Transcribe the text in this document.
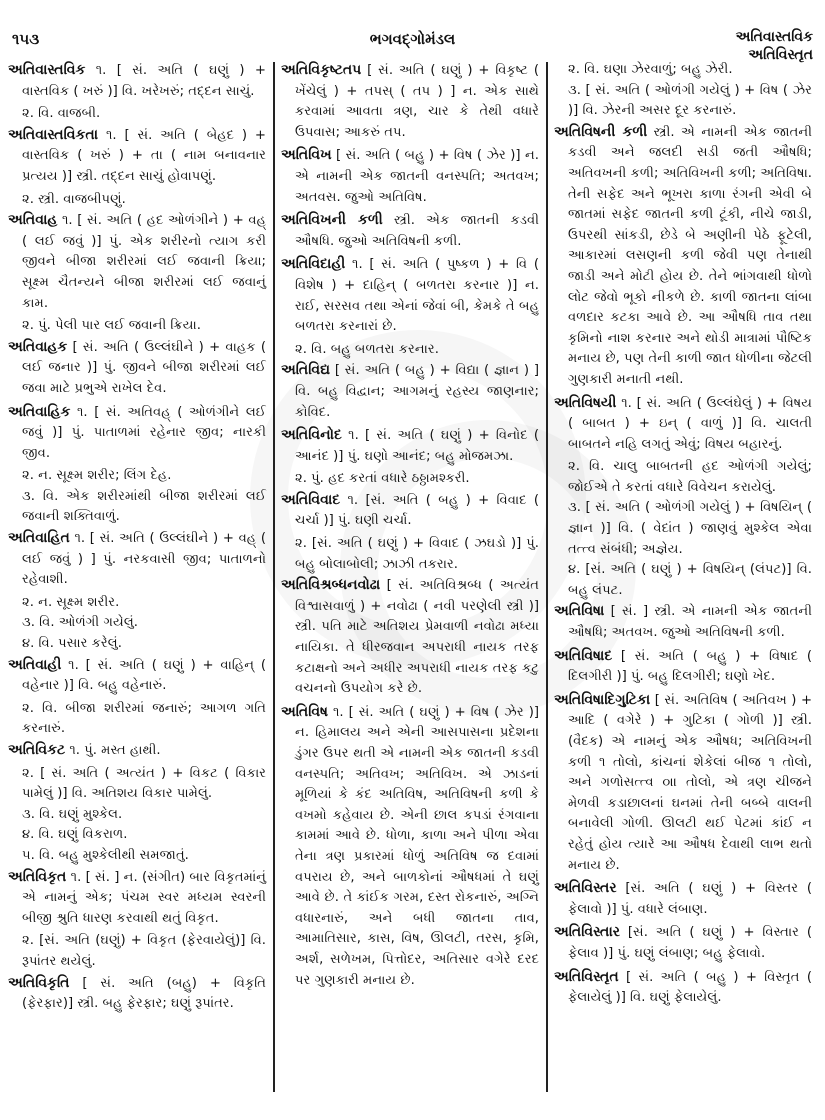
૧૫૩	ભગવદ્ગોમંડલ	અતિવાસ્તવિક
અતિવિસ્તૃત

અતિવાસ્તવિક ૧. [ સં. અતિ ( ઘણું ) + વાસ્તવિક ( ખરું )] વિ. ખરેખરું; તદ્દન સાચું.

૨. વિ. વાજબી.

અતિવાસ્તવિકતા ૧. [ સં. અતિ ( બેહદ ) + વાસ્તવિક ( ખરું ) + તા ( નામ બનાવનાર પ્રત્યય )] સ્ત્રી. તદ્દન સાચું હોવાપણું.

૨. સ્ત્રી. વાજબીપણું.

અતિવાહ ૧. [ સં. અતિ ( હદ ઓળંગીને ) + વહ્ ( લઈ જવું )] પું. એક શરીરનો ત્યાગ કરી જીવને બીજા શરીરમાં લઈ જવાની ક્રિયા; સૂક્ષ્મ ચૈતન્યને બીજા શરીરમાં લઈ જવાનું કામ.

૨. પું. પેલી પાર લઈ જવાની ક્રિયા.

અતિવાહક [ સં. અતિ ( ઉલ્લંઘીને ) + વાહક ( લઈ જનાર )] પું. જીવને બીજા શરીરમાં લઈ જવા માટે પ્રભુએ રાખેલ દેવ.

અતિવાહિક ૧. [ સં. અતિવહ્ ( ઓળંગીને લઈ જવું )] પું. પાતાળમાં રહેનાર જીવ; નારકી જીવ.

૨. ન. સૂક્ષ્મ શરીર; લિંગ દેહ.

૩. વિ. એક શરીરમાંથી બીજા શરીરમાં લઈ જવાની શક્તિવાળું.

અતિવાહિત ૧. [ સં. અતિ ( ઉલ્લંઘીને ) + વહ્ ( લઈ જવું ) ] પું. નરકવાસી જીવ; પાતાળનો રહેવાશી.

૨. ન. સૂક્ષ્મ શરીર.

૩. વિ. ઓળંગી ગયેલું.

૪. વિ. પસાર કરેલું.

અતિવાહી ૧. [ સં. અતિ ( ઘણું ) + વાહિન્ ( વહેનાર )] વિ. બહુ વહેનારું.

૨. વિ. બીજા શરીરમાં જનારું; આગળ ગતિ કરનારું.

અતિવિકટ ૧. પું. મસ્ત હાથી.

૨. [ સં. અતિ ( અત્યંત ) + વિકટ ( વિકાર પામેલું )] વિ. અતિશય વિકાર પામેલું.

૩. વિ. ઘણું મુશ્કેલ.

૪. વિ. ઘણું વિકરાળ.

૫. વિ. બહુ મુશ્કેલીથી સમજાતું.

અતિવિકૃત ૧. [ સં. ] ન. (સંગીત) બાર વિકૃતમાંનું એ નામનું એક; પંચમ સ્વર મધ્યમ સ્વરની બીજી શ્રુતિ ધારણ કરવાથી થતું વિકૃત.

૨. [સં. અતિ (ઘણું) + વિકૃત (ફેરવાયેલું)] વિ. રૂપાંતર થયેલું.

અતિવિકૃતિ [ સં. અતિ (બહુ) + વિકૃતિ (ફેરફાર)] સ્ત્રી. બહુ ફેરફાર; ઘણું રૂપાંતર.

અતિવિકૃષ્ટતપ [ સં. અતિ ( ઘણું ) + વિકૃષ્ટ ( ખેંચેલું ) + તપસ્ ( તપ ) ] ન. એક સાથે કરવામાં આવતા ત્રણ, ચાર કે તેથી વધારે ઉપવાસ; આકરું તપ.

અતિવિખ [ સં. અતિ ( બહુ ) + વિષ ( ઝેર )] ન. એ નામની એક જાતની વનસ્પતિ; અતવખ; અતવસ. જુઓ અતિવિષ.

અતિવિખની કળી સ્ત્રી. એક જાતની કડવી ઔષધિ. જુઓ અતિવિષની કળી.

અતિવિદાહી ૧. [ સં. અતિ ( પુષ્કળ ) + વિ ( વિશેષ ) + દાહિન્ ( બળતરા કરનાર )] ન. રાઈ, સરસવ તથા એનાં જેવાં બી, કેમકે તે બહુ બળતરા કરનારાં છે.

૨. વિ. બહુ બળતરા કરનાર.

અતિવિદ્ય [ સં. અતિ ( બહુ ) + વિદ્યા ( જ્ઞાન ) ] વિ. બહુ વિદ્વાન; આગમનું રહસ્ય જાણનાર; કોવિદ.

અતિવિનોદ ૧. [ સં. અતિ ( ઘણું ) + વિનોદ ( આનંદ )] પું. ઘણો આનંદ; બહુ મોજમઝા.

૨. પું. હદ કરતાં વધારે ઠઠ્ઠામશ્કરી.

અતિવિવાદ ૧. [સં. અતિ ( બહુ ) + વિવાદ ( ચર્ચા )] પું. ઘણી ચર્ચા.

૨. [સં. અતિ ( ઘણું ) + વિવાદ ( ઝઘડો )] પું. બહુ બોલાબોલી; ઝાઝી તકરાર.

અતિવિશ્રબ્ધનવોઢા [ સં. અતિવિશ્રબ્ધ ( અત્યંત વિશ્વાસવાળું ) + નવોઢા ( નવી પરણેલી સ્ત્રી )] સ્ત્રી. પતિ માટે અતિશય પ્રેમવાળી નવોઢા મધ્યા નાયિકા. તે ધીરજવાન અપરાધી નાયક તરફ કટાક્ષનો અને અધીર અપરાધી નાયક તરફ કટુ વચનનો ઉપયોગ કરે છે.

અતિવિષ ૧. [ સં. અતિ ( ઘણું ) + વિષ ( ઝેર )] ન. હિમાલય અને એની આસપાસના પ્રદેશના ડુંગર ઉપર થતી એ નામની એક જાતની કડવી વનસ્પતિ; અતિવખ; અતિવિખ. એ ઝાડનાં મૂળિયાં કે કંદ અતિવિષ, અતિવિષની કળી કે વખમો કહેવાય છે. એની છાલ કપડાં રંગવાના કામમાં આવે છે. ધોળા, કાળા અને પીળા એવા તેના ત્રણ પ્રકારમાં ધોળું અતિવિષ જ દવામાં વપરાય છે, અને બાળકોનાં ઔષધમાં તે ઘણું આવે છે. તે કાંઈક ગરમ, દસ્ત રોકનારું, અગ્નિ વધારનારું, અને બધી જાતના તાવ, આમાતિસાર, કાસ, વિષ, ઊલટી, તરસ, કૃમિ, અર્શ, સળેખમ, પિત્તોદર, અતિસાર વગેરે દરદ પર ગુણકારી મનાય છે.

૨. વિ. ઘણા ઝેરવાળું; બહુ ઝેરી.

૩. [ સં. અતિ ( ઓળંગી ગયેલું ) + વિષ ( ઝેર )] વિ. ઝેરની અસર દૂર કરનારું.

અતિવિષની કળી સ્ત્રી. એ નામની એક જાતની કડવી અને જલદી સડી જતી ઔષધિ; અતિવખની કળી; અતિવિખની કળી; અતિવિષા. તેની સફેદ અને ભૂખરા કાળા રંગની એવી બે જાતમાં સફેદ જાતની કળી ટૂંકી, નીચે જાડી, ઉપરથી સાંકડી, છેડે બે અણીની પેઠે ફૂટેલી, આકારમાં લસણની કળી જેવી પણ તેનાથી જાડી અને મોટી હોય છે. તેને ભાંગવાથી ધોળો લોટ જેવો ભૂકો નીકળે છે. કાળી જાતના લાંબા વળદાર કટકા આવે છે. આ ઔષધિ તાવ તથા કૃમિનો નાશ કરનાર અને થોડી માત્રામાં પૌષ્ટિક મનાય છે, પણ તેની કાળી જાત ધોળીના જેટલી ગુણકારી મનાતી નથી.

અતિવિષયી ૧. [ સં. અતિ ( ઉલ્લંઘેલું ) + વિષય ( બાબત ) + ઇન્ ( વાળું )] વિ. ચાલતી બાબતને નહિ લગતું એવું; વિષય બહારનું.

૨. વિ. ચાલુ બાબતની હદ ઓળંગી ગયેલું; જોઈએ તે કરતાં વધારે વિવેચન કરાયેલું.

૩. [ સં. અતિ ( ઓળંગી ગયેલું ) + વિષયિન્ ( જ્ઞાન )] વિ. ( વેદાંત ) જાણવું મુશ્કેલ એવા તત્ત્વ સંબંધી; અજ્ઞેય.

૪. [સં. અતિ ( ઘણું ) + વિષયિન્ (લંપટ)] વિ. બહુ લંપટ.

અતિવિષા [ સં. ] સ્ત્રી. એ નામની એક જાતની ઔષધિ; અતવખ. જુઓ અતિવિષની કળી.

અતિવિષાદ [ સં. અતિ ( બહુ ) + વિષાદ ( દિલગીરી )] પું. બહુ દિલગીરી; ઘણો ખેદ.

અતિવિષાદિગુટિકા [ સં. અતિવિષ ( અતિવખ ) + આદિ ( વગેરે ) + ગુટિકા ( ગોળી )] સ્ત્રી. (વૈદક) એ નામનું એક ઔષધ; અતિવિખની કળી ૧ તોલો, કાંચનાં શેકેલાં બીજ ૧ તોલો, અને ગળોસત્ત્વ ૦॥ તોલો, એ ત્રણ ચીજને મેળવી કડાછાલનાં ઘનમાં તેની બબ્બે વાલની બનાવેલી ગોળી. ઊલટી થઈ પેટમાં કાંઈ ન રહેતું હોય ત્યારે આ ઔષધ દેવાથી લાભ થતો મનાય છે.

અતિવિસ્તર [સં. અતિ ( ઘણું ) + વિસ્તર ( ફેલાવો )] પું. વધારે લંબાણ.

અતિવિસ્તાર [સં. અતિ ( ઘણું ) + વિસ્તાર ( ફેલાવ )] પું. ઘણું લંબાણ; બહુ ફેલાવો.

અતિવિસ્તૃત [ સં. અતિ ( બહુ ) + વિસ્તૃત ( ફેલાયેલું )] વિ. ઘણું ફેલાયેલું.
